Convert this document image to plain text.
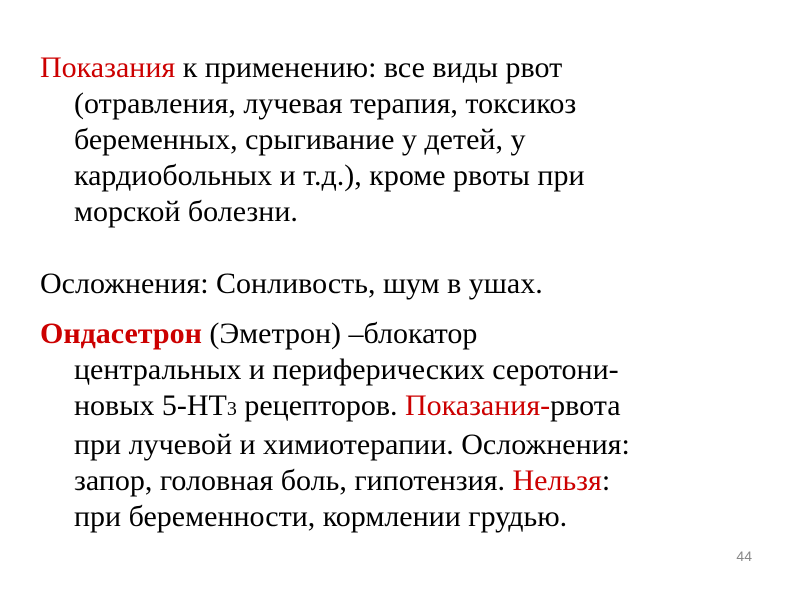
Показания к применению: все виды рвот
(отравления, лучевая терапия, токсикоз
беременных, срыгивание у детей, у
кардиобольных и т.д.), кроме рвоты при
морской болезни.
Осложнения: Сонливость, шум в ушах.
Ондасетрон (Эметрон) –блокатор
центральных и периферических серотони-
новых 5-НТ3 рецепторов. Показания-рвота
при лучевой и химиотерапии. Осложнения:
запор, головная боль, гипотензия. Нельзя:
при беременности, кормлении грудью.
44
